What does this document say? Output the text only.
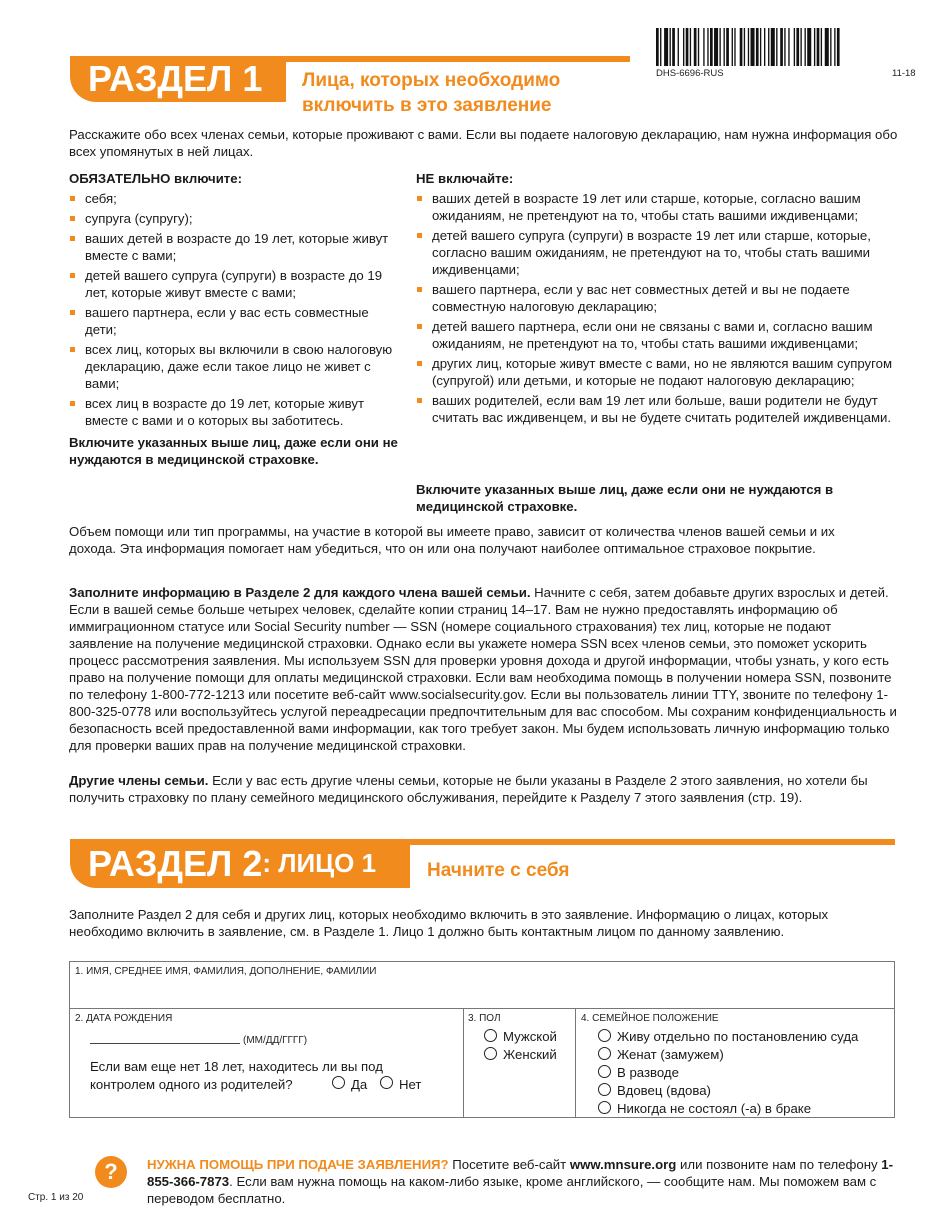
DHS-6696-RUS	11-18
РАЗДЕЛ 1 Лица, которых необходимо
включить в это заявление
Расскажите обо всех членах семьи, которые проживают с вами. Если вы подаете налоговую декларацию, нам нужна информация обо всех упомянутых в ней лицах.
ОБЯЗАТЕЛЬНО включите:
себя;
супруга (супругу);
ваших детей в возрасте до 19 лет, которые живут вместе с вами;
детей вашего супруга (супруги) в возрасте до 19 лет, которые живут вместе с вами;
вашего партнера, если у вас есть совместные дети;
всех лиц, которых вы включили в свою налоговую декларацию, даже если такое лицо не живет с вами;
всех лиц в возрасте до 19 лет, которые живут вместе с вами и о которых вы заботитесь.
Включите указанных выше лиц, даже если они не нуждаются в медицинской страховке.
НЕ включайте:
ваших детей в возрасте 19 лет или старше, которые, согласно вашим ожиданиям, не претендуют на то, чтобы стать вашими иждивенцами;
детей вашего супруга (супруги) в возрасте 19 лет или старше, которые, согласно вашим ожиданиям, не претендуют на то, чтобы стать вашими иждивенцами;
вашего партнера, если у вас нет совместных детей и вы не подаете совместную налоговую декларацию;
детей вашего партнера, если они не связаны с вами и, согласно вашим ожиданиям, не претендуют на то, чтобы стать вашими иждивенцами;
других лиц, которые живут вместе с вами, но не являются вашим супругом (супругой) или детьми, и которые не подают налоговую декларацию;
ваших родителей, если вам 19 лет или больше, ваши родители не будут считать вас иждивенцем, и вы не будете считать родителей иждивенцами.
Включите указанных выше лиц, даже если они не нуждаются в медицинской страховке.
Объем помощи или тип программы, на участие в которой вы имеете право, зависит от количества членов вашей семьи и их дохода. Эта информация помогает нам убедиться, что он или она получают наиболее оптимальное страховое покрытие.
Заполните информацию в Разделе 2 для каждого члена вашей семьи. Начните с себя, затем добавьте других взрослых и детей. Если в вашей семье больше четырех человек, сделайте копии страниц 14–17. Вам не нужно предоставлять информацию об иммиграционном статусе или Social Security number — SSN (номере социального страхования) тех лиц, которые не подают заявление на получение медицинской страховки. Однако если вы укажете номера SSN всех членов семьи, это поможет ускорить процесс рассмотрения заявления. Мы используем SSN для проверки уровня дохода и другой информации, чтобы узнать, у кого есть право на получение помощи для оплаты медицинской страховки. Если вам необходима помощь в получении номера SSN, позвоните по телефону 1-800-772-1213 или посетите веб-сайт www.socialsecurity.gov. Если вы пользователь линии TTY, звоните по телефону 1-800-325-0778 или воспользуйтесь услугой переадресации предпочтительным для вас способом. Мы сохраним конфиденциальность и безопасность всей предоставленной вами информации, как того требует закон. Мы будем использовать личную информацию только для проверки ваших прав на получение медицинской страховки.
Другие члены семьи. Если у вас есть другие члены семьи, которые не были указаны в Разделе 2 этого заявления, но хотели бы получить страховку по плану семейного медицинского обслуживания, перейдите к Разделу 7 этого заявления (стр. 19).
РАЗДЕЛ 2 : ЛИЦО 1	Начните с себя
Заполните Раздел 2 для себя и других лиц, которых необходимо включить в это заявление. Информацию о лицах, которых необходимо включить в заявление, см. в Разделе 1. Лицо 1 должно быть контактным лицом по данному заявлению.
1. ИМЯ, СРЕДНЕЕ ИМЯ, ФАМИЛИЯ, ДОПОЛНЕНИЕ, ФАМИЛИИ
2. ДАТА РОЖДЕНИЯ
(ММ/ДД/ГГГГ)
Если вам еще нет 18 лет, находитесь ли вы под
контролем одного из родителей?	Да Нет
3. ПОЛ
Мужской
Женский
4. СЕМЕЙНОЕ ПОЛОЖЕНИЕ
Живу отдельно по постановлению суда
Женат (замужем)
В разводе
Вдовец (вдова)
Никогда не состоял (-а) в браке
?	НУЖНА ПОМОЩЬ ПРИ ПОДАЧЕ ЗАЯВЛЕНИЯ? Посетите веб-сайт www.mnsure.org или позвоните нам по телефону 1-855-366-7873. Если вам нужна помощь на каком-либо языке, кроме английского, — сообщите нам. Мы поможем вам с переводом бесплатно.
Стр. 1 из 20
